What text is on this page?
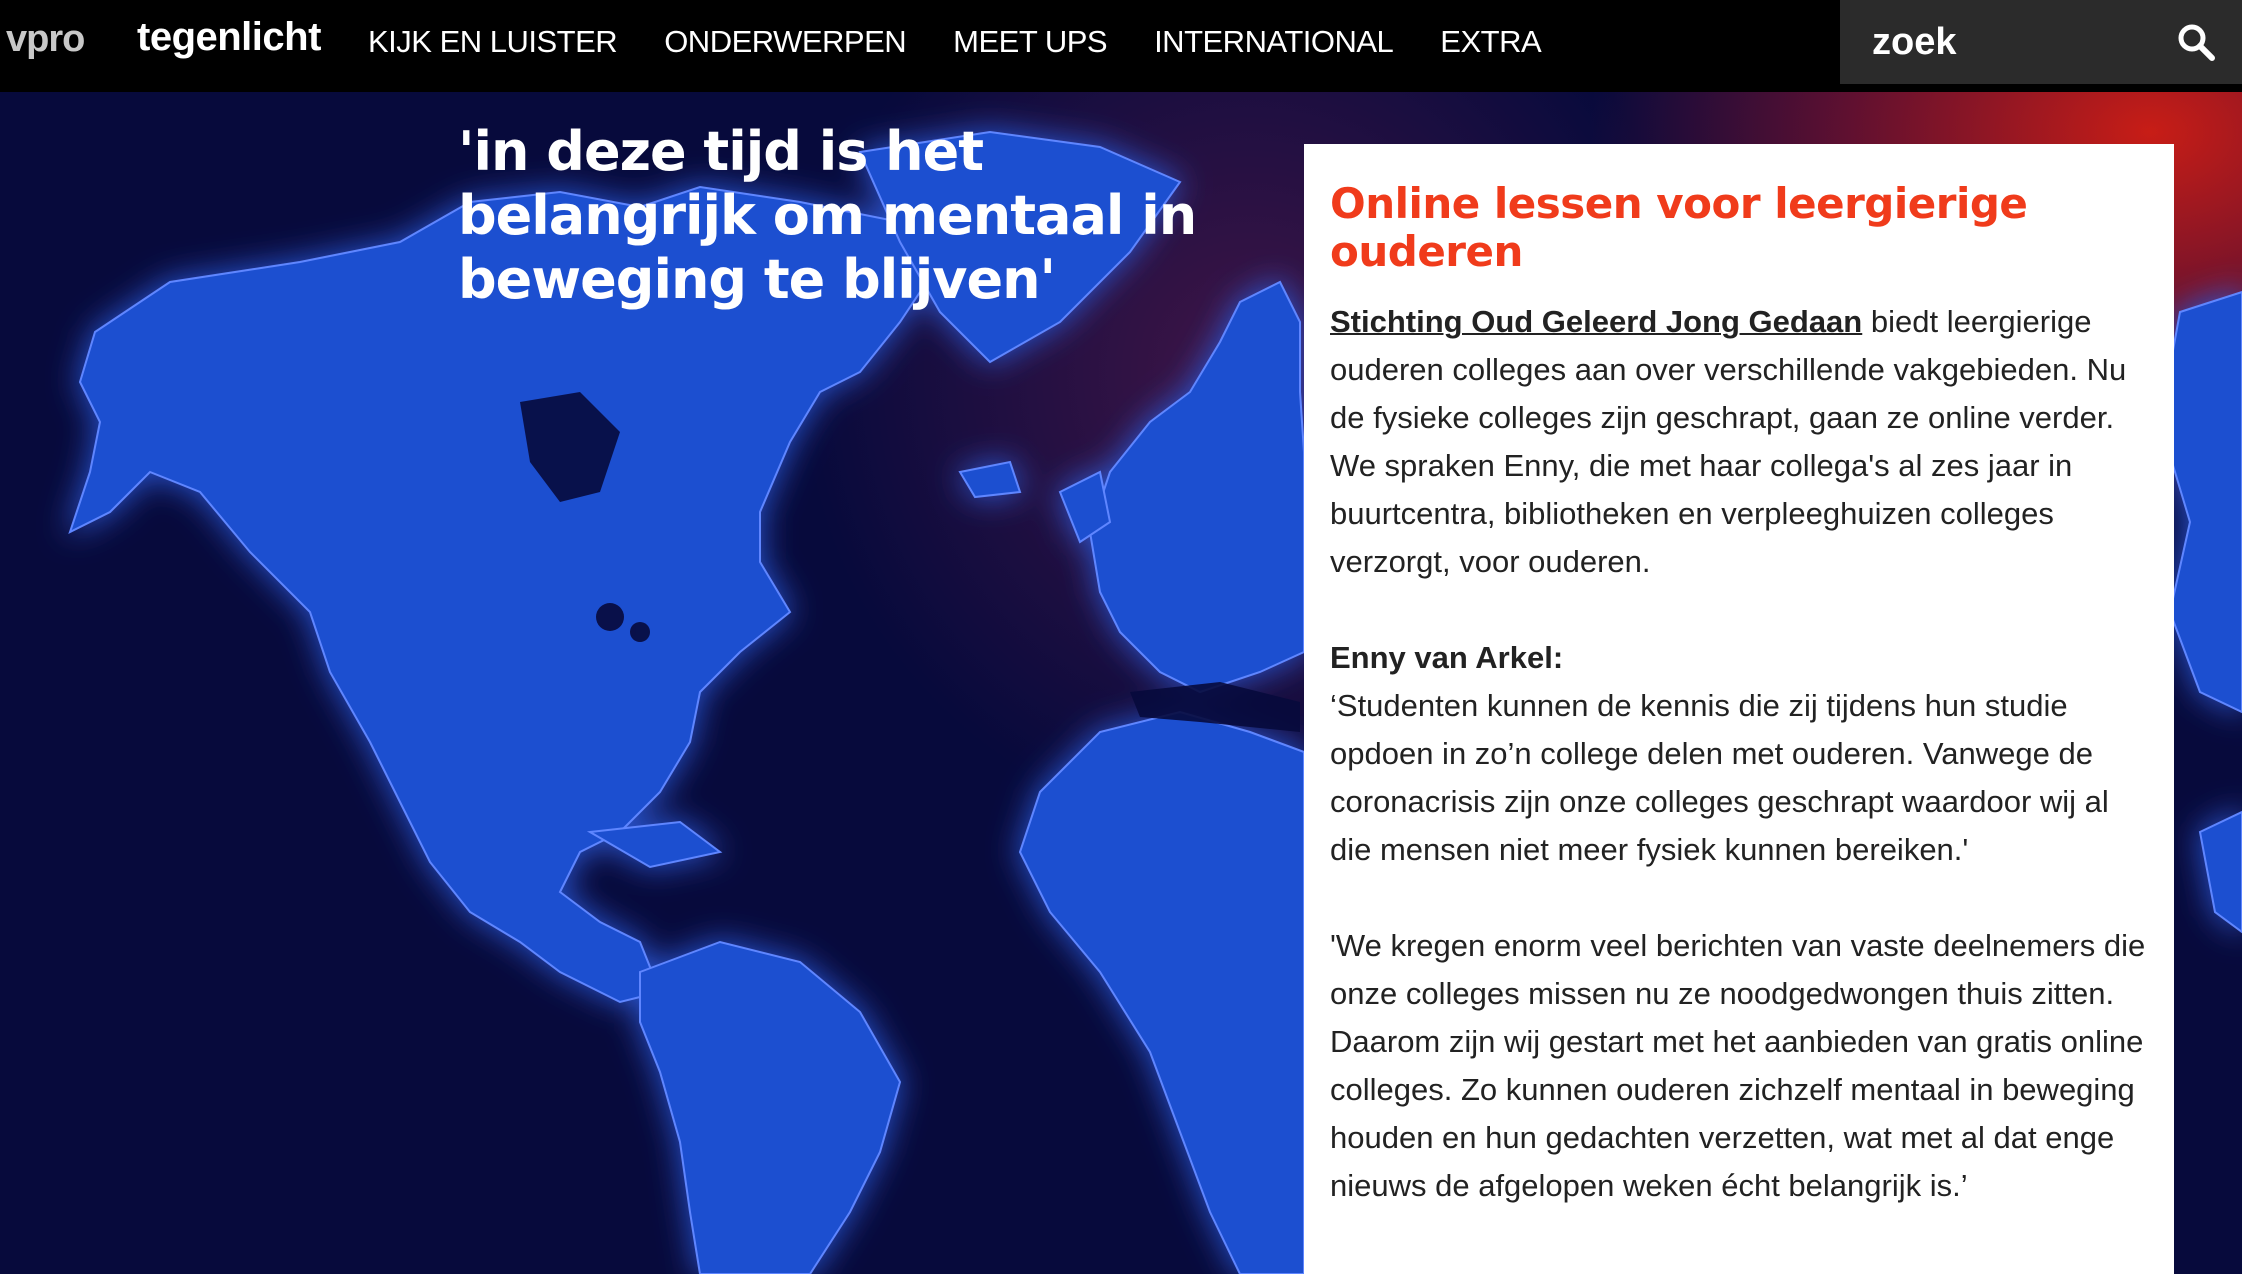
vpro tegenlicht KIJK EN LUISTER ONDERWERPEN MEET UPS INTERNATIONAL EXTRA
zoek
'in deze tijd is het belangrijk om mentaal in beweging te blijven'
Online lessen voor leergierige ouderen

Stichting Oud Geleerd Jong Gedaan biedt leergierige ouderen colleges aan over verschillende vakgebieden. Nu de fysieke colleges zijn geschrapt, gaan ze online verder. We spraken Enny, die met haar collega's al zes jaar in buurtcentra, bibliotheken en verpleeghuizen colleges verzorgt, voor ouderen.

Enny van Arkel:
‘Studenten kunnen de kennis die zij tijdens hun studie opdoen in zo’n college delen met ouderen. Vanwege de coronacrisis zijn onze colleges geschrapt waardoor wij al die mensen niet meer fysiek kunnen bereiken.'

'We kregen enorm veel berichten van vaste deelnemers die onze colleges missen nu ze noodgedwongen thuis zitten. Daarom zijn wij gestart met het aanbieden van gratis online colleges. Zo kunnen ouderen zichzelf mentaal in beweging houden en hun gedachten verzetten, wat met al dat enge nieuws de afgelopen weken écht belangrijk is.’
